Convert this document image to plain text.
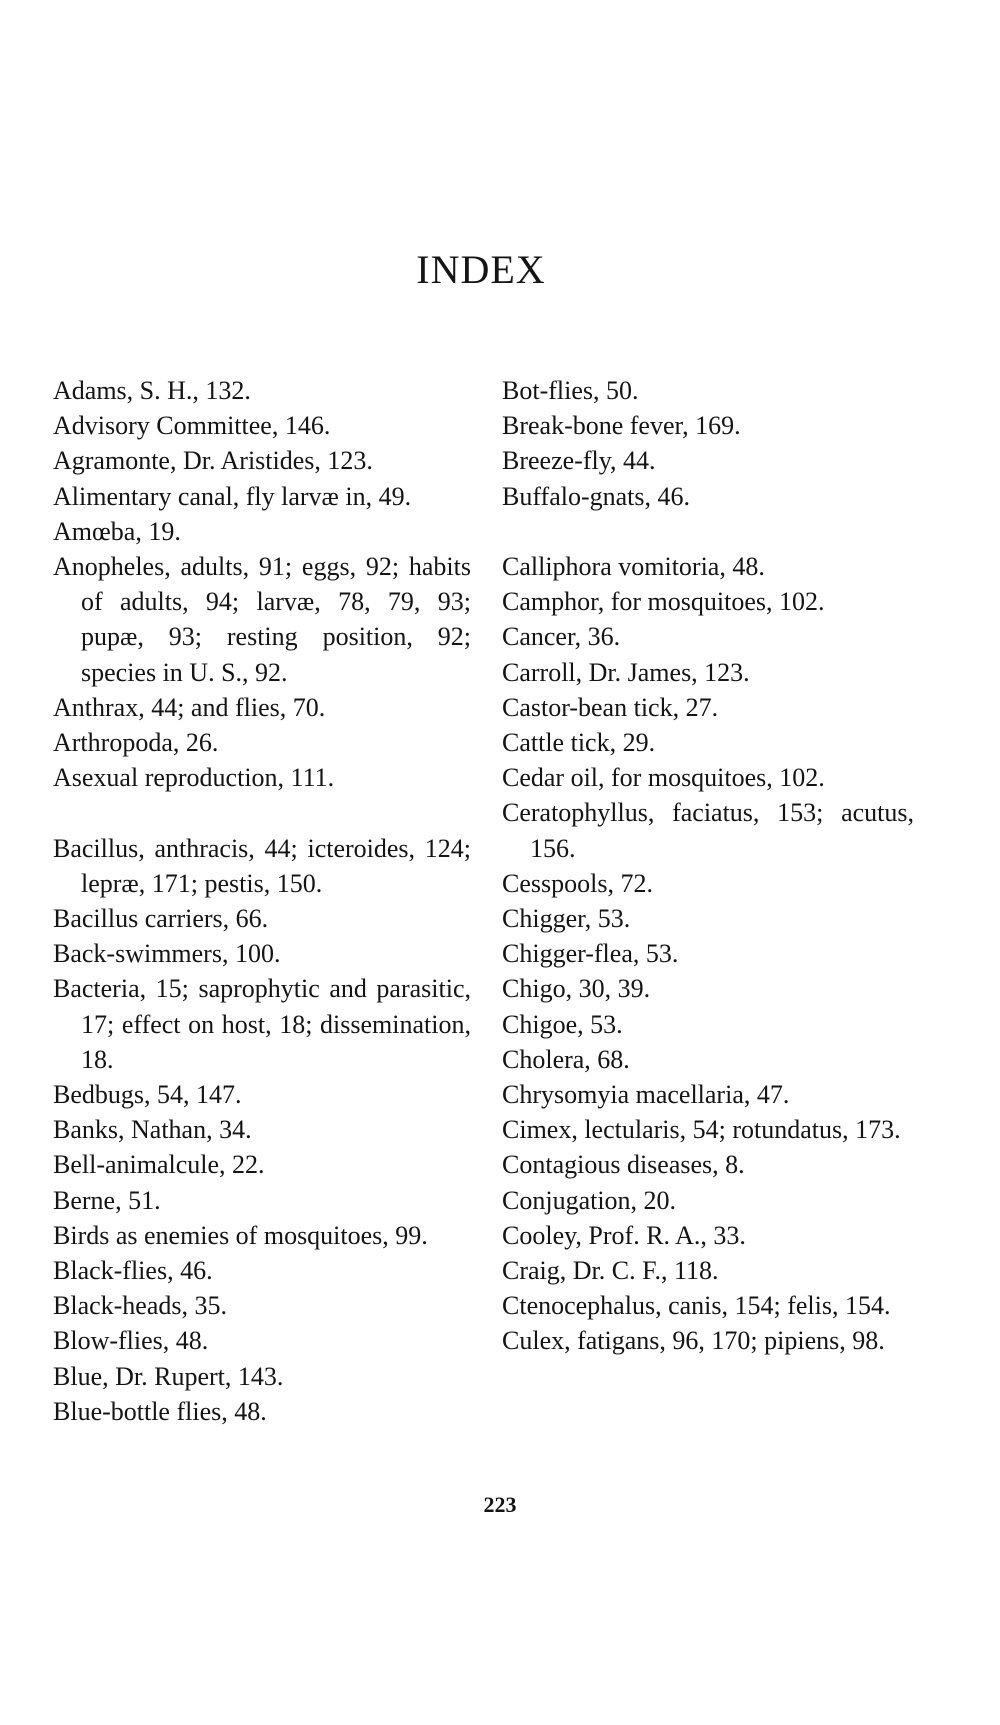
INDEX
Adams, S. H., 132.
Advisory Committee, 146.
Agramonte, Dr. Aristides, 123.
Alimentary canal, fly larvæ in, 49.
Amœba, 19.
Anopheles, adults, 91; eggs, 92; habits of adults, 94; larvæ, 78, 79, 93; pupæ, 93; resting position, 92; species in U. S., 92.
Anthrax, 44; and flies, 70.
Arthropoda, 26.
Asexual reproduction, 111.
Bacillus, anthracis, 44; icteroides, 124; lepræ, 171; pestis, 150.
Bacillus carriers, 66.
Back-swimmers, 100.
Bacteria, 15; saprophytic and parasitic, 17; effect on host, 18; dissemination, 18.
Bedbugs, 54, 147.
Banks, Nathan, 34.
Bell-animalcule, 22.
Berne, 51.
Birds as enemies of mosquitoes, 99.
Black-flies, 46.
Black-heads, 35.
Blow-flies, 48.
Blue, Dr. Rupert, 143.
Blue-bottle flies, 48.
Bot-flies, 50.
Break-bone fever, 169.
Breeze-fly, 44.
Buffalo-gnats, 46.
Calliphora vomitoria, 48.
Camphor, for mosquitoes, 102.
Cancer, 36.
Carroll, Dr. James, 123.
Castor-bean tick, 27.
Cattle tick, 29.
Cedar oil, for mosquitoes, 102.
Ceratophyllus, faciatus, 153; acutus, 156.
Cesspools, 72.
Chigger, 53.
Chigger-flea, 53.
Chigo, 30, 39.
Chigoe, 53.
Cholera, 68.
Chrysomyia macellaria, 47.
Cimex, lectularis, 54; rotundatus, 173.
Contagious diseases, 8.
Conjugation, 20.
Cooley, Prof. R. A., 33.
Craig, Dr. C. F., 118.
Ctenocephalus, canis, 154; felis, 154.
Culex, fatigans, 96, 170; pipiens, 98.
223
